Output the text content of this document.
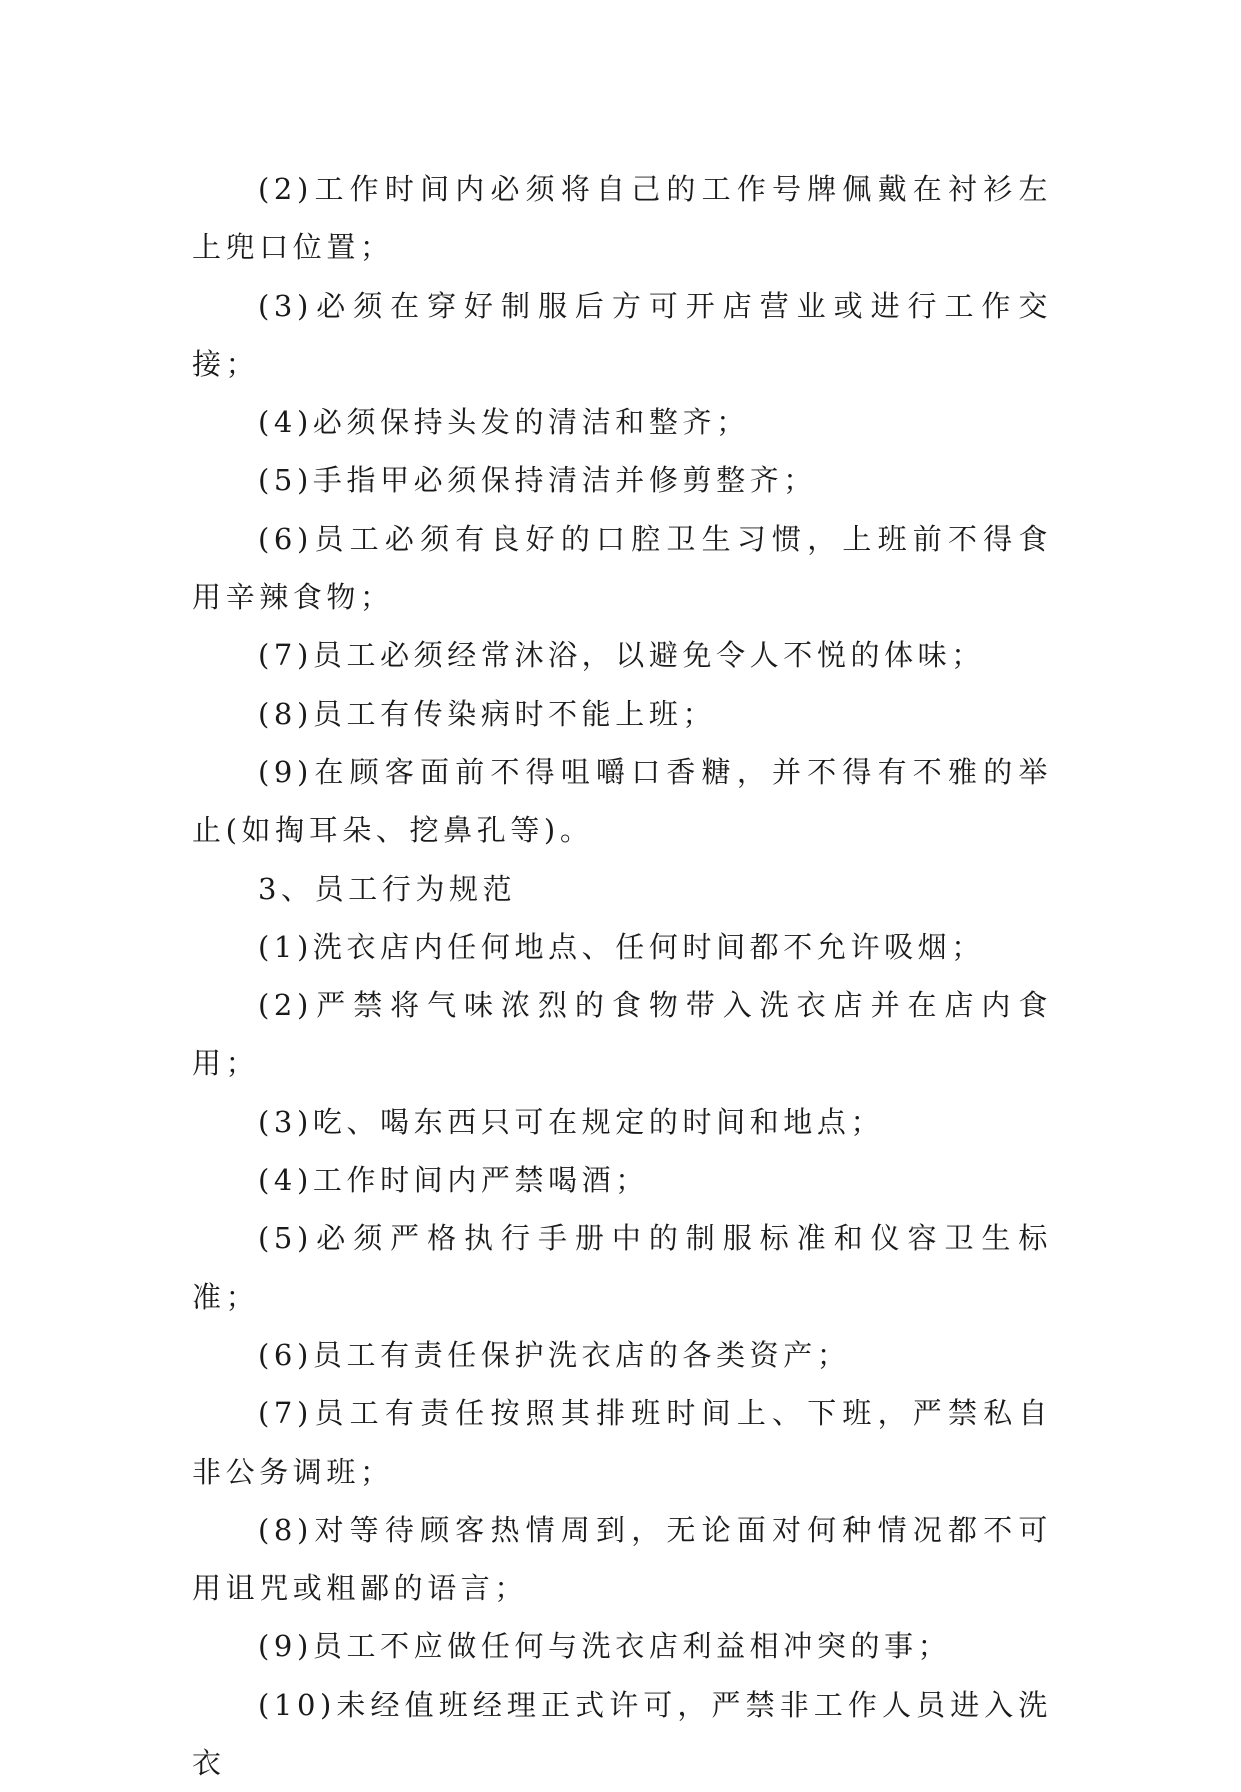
(2)工作时间内必须将自己的工作号牌佩戴在衬衫左上兜口位置；

(3)必须在穿好制服后方可开店营业或进行工作交接；

(4)必须保持头发的清洁和整齐；

(5)手指甲必须保持清洁并修剪整齐；

(6)员工必须有良好的口腔卫生习惯，上班前不得食用辛辣食物；

(7)员工必须经常沐浴，以避免令人不悦的体味；

(8)员工有传染病时不能上班；

(9)在顾客面前不得咀嚼口香糖，并不得有不雅的举止(如掏耳朵、挖鼻孔等)。

3、员工行为规范

(1)洗衣店内任何地点、任何时间都不允许吸烟；

(2)严禁将气味浓烈的食物带入洗衣店并在店内食用；

(3)吃、喝东西只可在规定的时间和地点；

(4)工作时间内严禁喝酒；

(5)必须严格执行手册中的制服标准和仪容卫生标准；

(6)员工有责任保护洗衣店的各类资产；

(7)员工有责任按照其排班时间上、下班，严禁私自非公务调班；

(8)对等待顾客热情周到，无论面对何种情况都不可用诅咒或粗鄙的语言；

(9)员工不应做任何与洗衣店利益相冲突的事；

(10)未经值班经理正式许可，严禁非工作人员进入洗衣
